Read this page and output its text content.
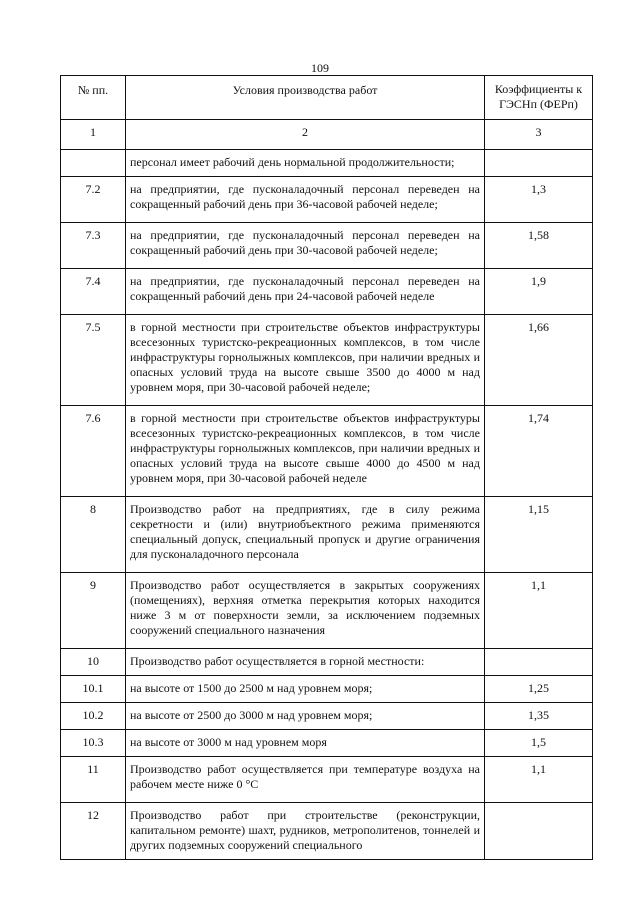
109
№ пп.	Условия производства работ	Коэффициенты к ГЭСНп (ФЕРп)
1	2	3
	персонал имеет рабочий день нормальной продолжительности;	
7.2	на предприятии, где пусконаладочный персонал переведен на сокращенный рабочий день при 36-часовой рабочей неделе;	1,3
7.3	на предприятии, где пусконаладочный персонал переведен на сокращенный рабочий день при 30-часовой рабочей неделе;	1,58
7.4	на предприятии, где пусконаладочный персонал переведен на сокращенный рабочий день при 24-часовой рабочей неделе	1,9
7.5	в горной местности при строительстве объектов инфраструктуры всесезонных туристско-рекреационных комплексов, в том числе инфраструктуры горнолыжных комплексов, при наличии вредных и опасных условий труда на высоте свыше 3500 до 4000 м над уровнем моря, при 30-часовой рабочей неделе;	1,66
7.6	в горной местности при строительстве объектов инфраструктуры всесезонных туристско-рекреационных комплексов, в том числе инфраструктуры горнолыжных комплексов, при наличии вредных и опасных условий труда на высоте свыше 4000 до 4500 м над уровнем моря, при 30-часовой рабочей неделе	1,74
8	Производство работ на предприятиях, где в силу режима секретности и (или) внутриобъектного режима применяются специальный допуск, специальный пропуск и другие ограничения для пусконаладочного персонала	1,15
9	Производство работ осуществляется в закрытых сооружениях (помещениях), верхняя отметка перекрытия которых находится ниже 3 м от поверхности земли, за исключением подземных сооружений специального назначения	1,1
10	Производство работ осуществляется в горной местности:	
10.1	на высоте от 1500 до 2500 м над уровнем моря;	1,25
10.2	на высоте от 2500 до 3000 м над уровнем моря;	1,35
10.3	на высоте от 3000 м над уровнем моря	1,5
11	Производство работ осуществляется при температуре воздуха на рабочем месте ниже 0 °С	1,1
12	Производство работ при строительстве (реконструкции, капитальном ремонте) шахт, рудников, метрополитенов, тоннелей и других подземных сооружений специального	
